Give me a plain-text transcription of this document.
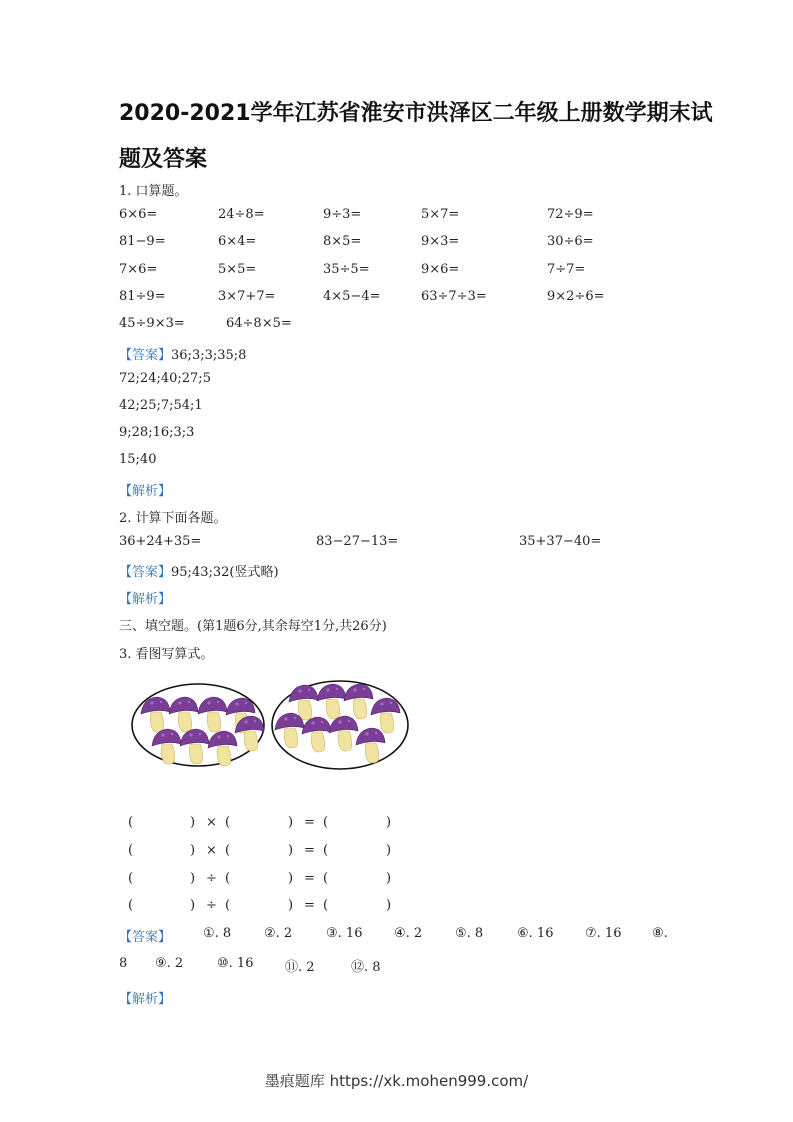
2020-2021学年江苏省淮安市洪泽区二年级上册数学期末试
题及答案
1. 口算题。
6×6=	24÷8=	9÷3=	5×7=	72÷9=
81−9=	6×4=	8×5=	9×3=	30÷6=
7×6=	5×5=	35÷5=	9×6=	7÷7=
81÷9=	3×7+7=	4×5−4=	63÷7÷3=	9×2÷6=
45÷9×3=	64÷8×5=
【答案】36;3;3;35;8
72;24;40;27;5
42;25;7;54;1
9;28;16;3;3
15;40
【解析】
2. 计算下面各题。
36+24+35=	83−27−13=	35+37−40=
【答案】95;43;32(竖式略)
【解析】
三、填空题。(第1题6分,其余每空1分,共26分)
3. 看图写算式。
(	) × (	) = (	)
(	) × (	) = (	)
(	) ÷ (	) = (	)
(	) ÷ (	) = (	)
【答案】 ①. 8	②. 2	③. 16 ④. 2	⑤. 8	⑥. 16 ⑦. 16 ⑧.
8 ⑨. 2	⑩. 16 ⑪. 2	⑫. 8
【解析】
墨痕题库 https://xk.mohen999.com/
